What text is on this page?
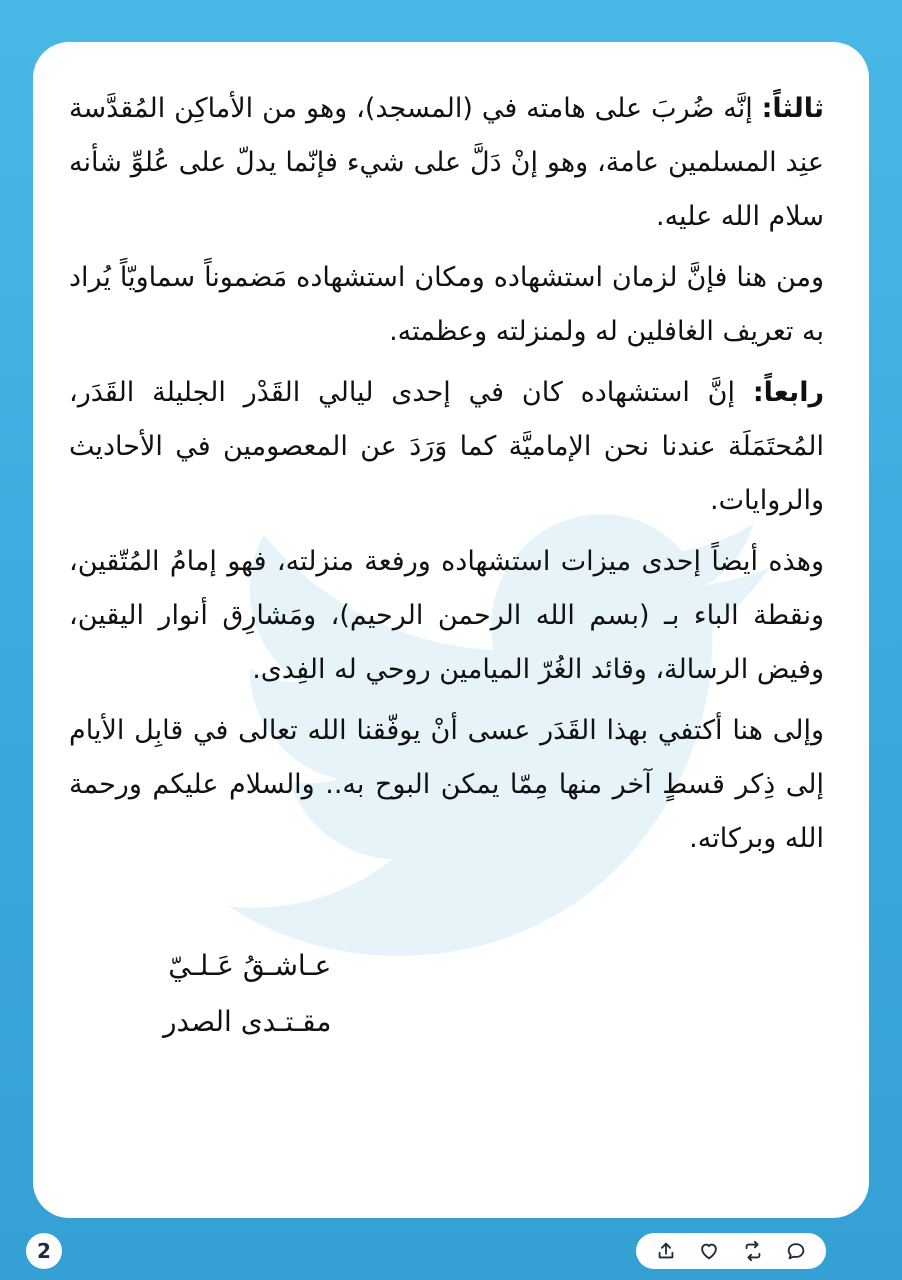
ثالثاً: إنَّه ضُربَ على هامته في (المسجد)، وهو من الأماكِن المُقدَّسة عنِد المسلمين عامة، وهو إنْ دَلَّ على شيء فإنّما يدلّ على عُلوِّ شأنه سلام الله عليه.

ومن هنا فإنَّ لزمان استشهاده ومكان استشهاده مَضموناً سماويّاً يُراد به تعريف الغافلين له ولمنزلته وعظمته.

رابعاً: إنَّ استشهاده كان في إحدى ليالي القَدْر الجليلة القَدَر، المُحتَمَلَة عندنا نحن الإماميَّة كما وَرَدَ عن المعصومين في الأحاديث والروايات.

وهذه أيضاً إحدى ميزات استشهاده ورفعة منزلته، فهو إمامُ المُتّقين، ونقطة الباء بـ (بسم الله الرحمن الرحيم)، ومَشارِق أنوار اليقين، وفيض الرسالة، وقائد الغُرّ الميامين روحي له الفِدى.

وإلى هنا أكتفي بهذا القَدَر عسى أنْ يوفّقنا الله تعالى في قابِل الأيام إلى ذِكر قسطٍ آخر منها مِمّا يمكن البوح به.. والسلام عليكم ورحمة الله وبركاته.

عـاشـقُ عَـلـيّ
مقـتـدى الصدر
2
